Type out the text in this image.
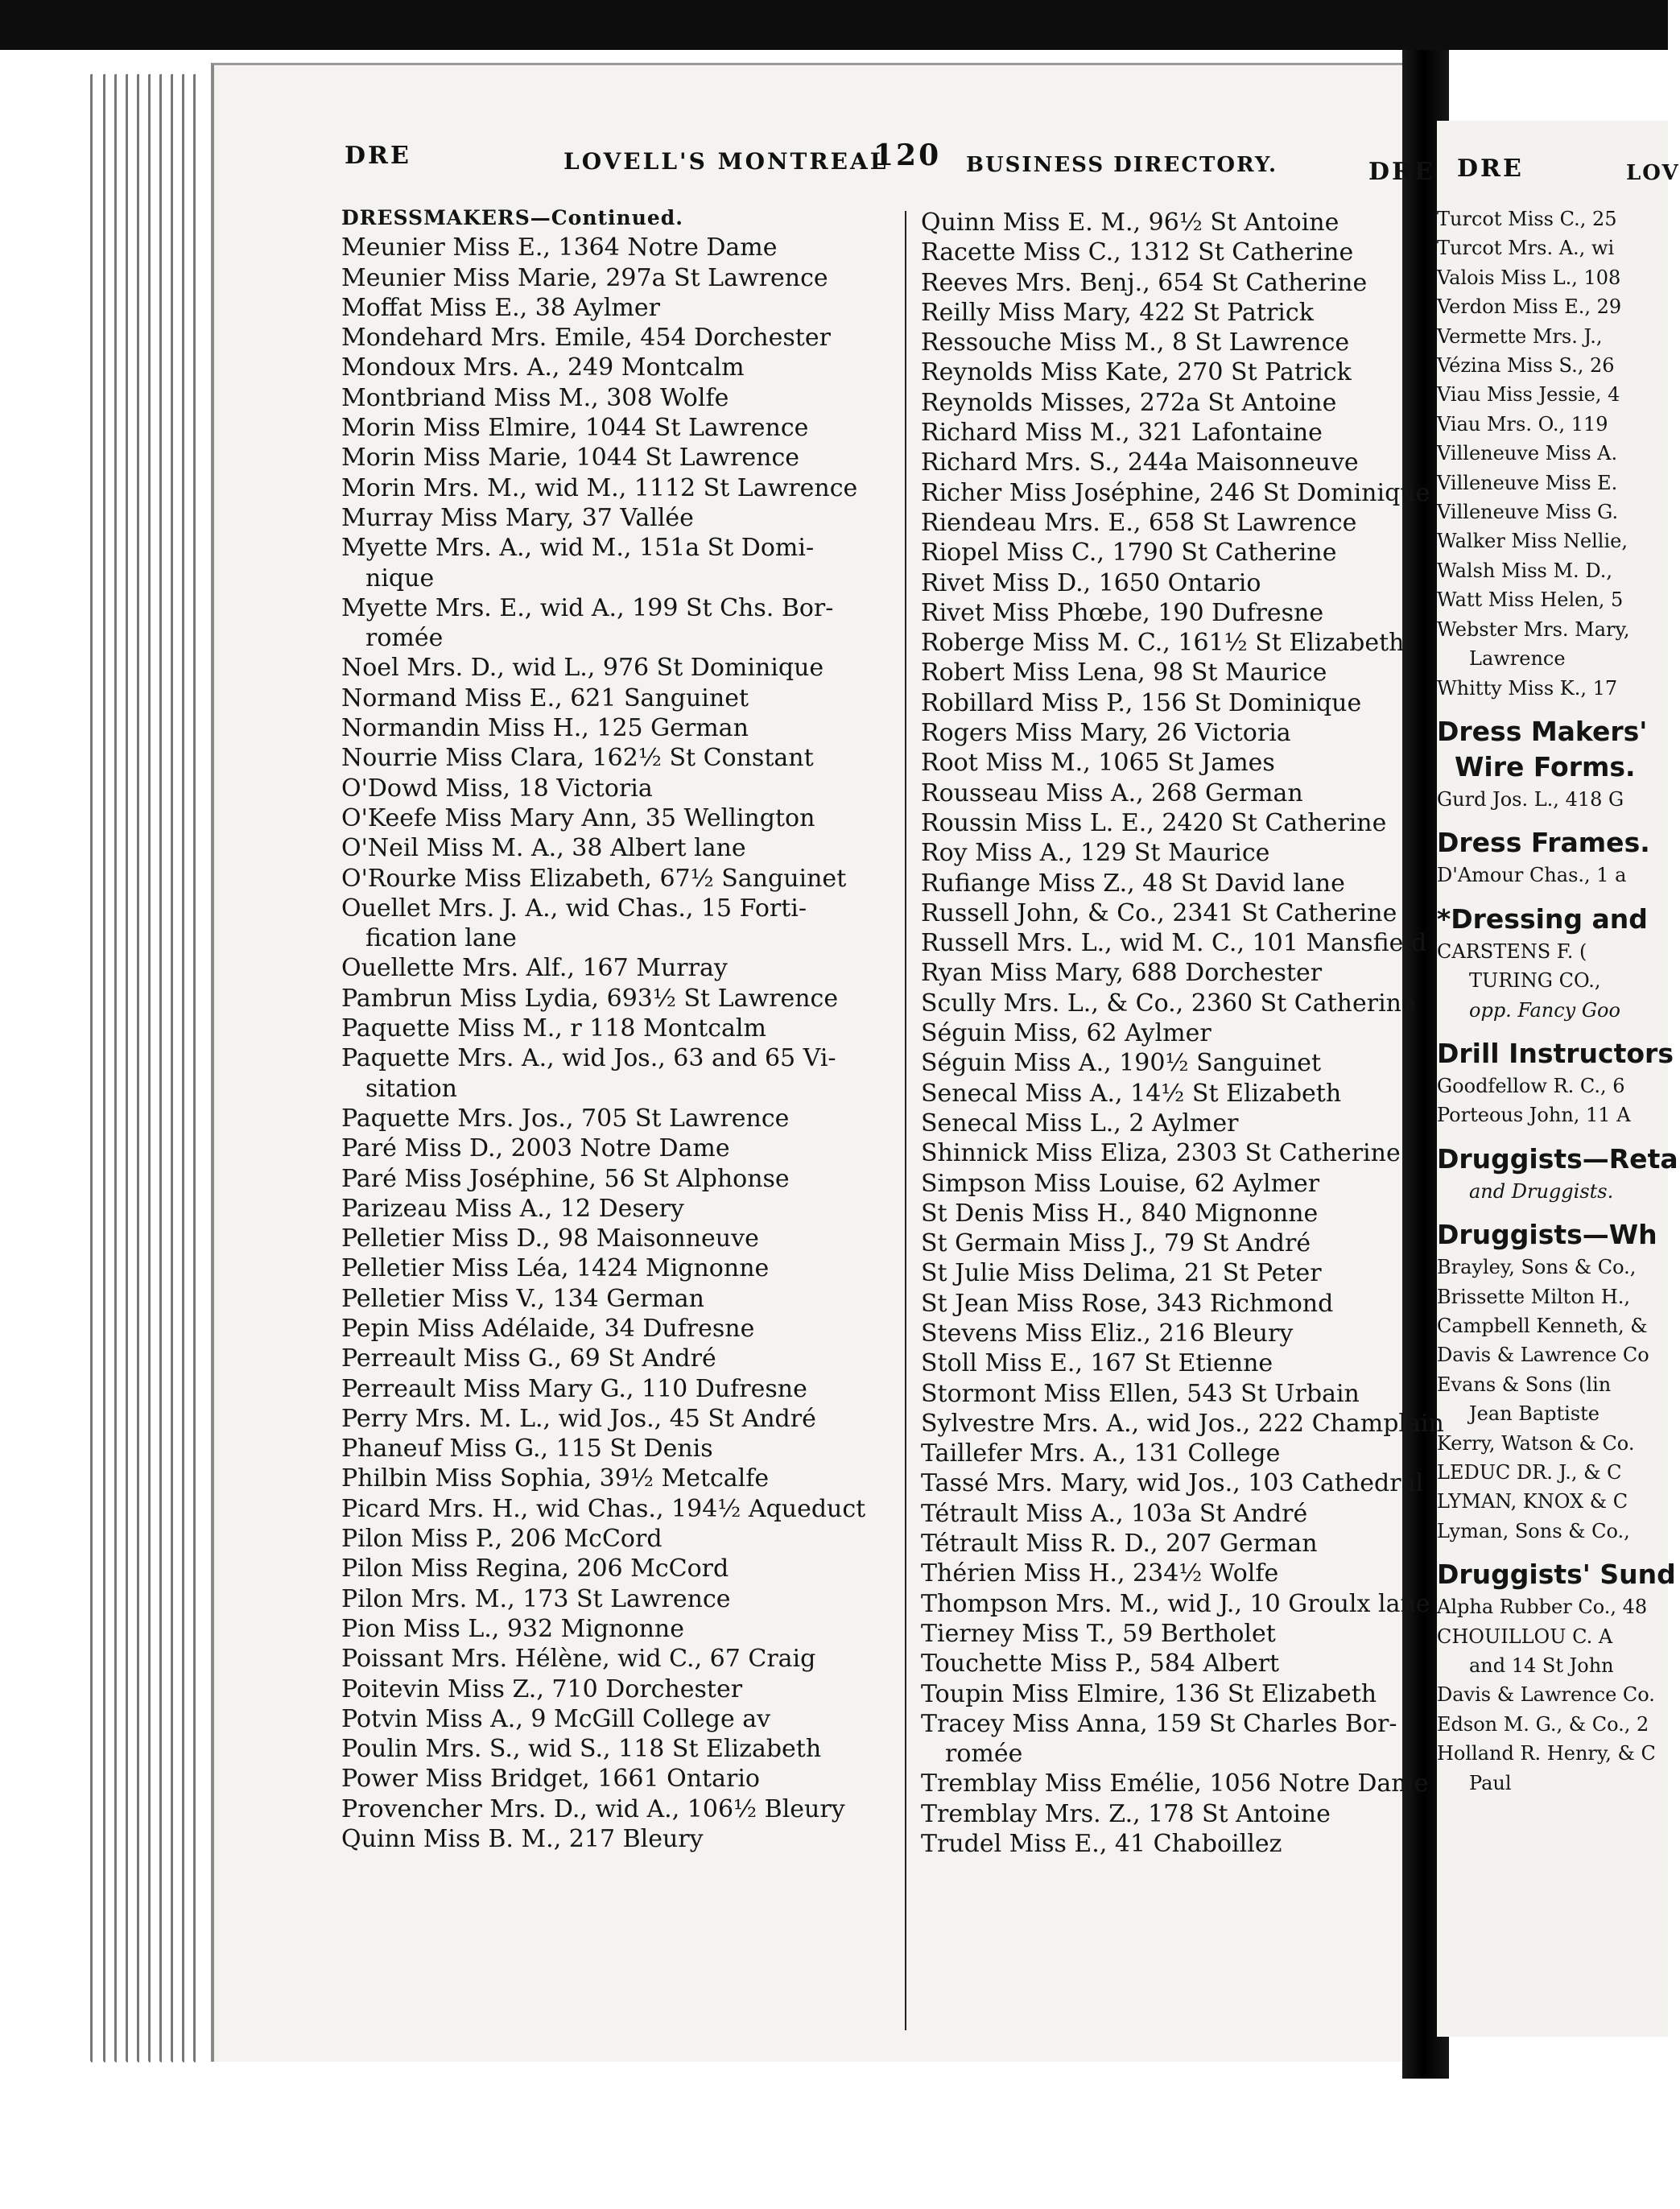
DRE	LOVELL'S MONTREAL
120 BUSINESS DIRECTORY.	DRE DRE	LOV
DRESSMAKERS—Continued.
Meunier Miss E., 1364 Notre Dame
Meunier Miss Marie, 297a St Lawrence
Moffat Miss E., 38 Aylmer
Mondehard Mrs. Emile, 454 Dorchester
Mondoux Mrs. A., 249 Montcalm
Montbriand Miss M., 308 Wolfe
Morin Miss Elmire, 1044 St Lawrence
Morin Miss Marie, 1044 St Lawrence
Morin Mrs. M., wid M., 1112 St Lawrence
Murray Miss Mary, 37 Vallée
Myette Mrs. A., wid M., 151a St Domi-
nique
Myette Mrs. E., wid A., 199 St Chs. Bor-
romée
Noel Mrs. D., wid L., 976 St Dominique
Normand Miss E., 621 Sanguinet
Normandin Miss H., 125 German
Nourrie Miss Clara, 162½ St Constant
O'Dowd Miss, 18 Victoria
O'Keefe Miss Mary Ann, 35 Wellington
O'Neil Miss M. A., 38 Albert lane
O'Rourke Miss Elizabeth, 67½ Sanguinet
Ouellet Mrs. J. A., wid Chas., 15 Forti-
fication lane
Ouellette Mrs. Alf., 167 Murray
Pambrun Miss Lydia, 693½ St Lawrence
Paquette Miss M., r 118 Montcalm
Paquette Mrs. A., wid Jos., 63 and 65 Vi-
sitation
Paquette Mrs. Jos., 705 St Lawrence
Paré Miss D., 2003 Notre Dame
Paré Miss Joséphine, 56 St Alphonse
Parizeau Miss A., 12 Desery
Pelletier Miss D., 98 Maisonneuve
Pelletier Miss Léa, 1424 Mignonne
Pelletier Miss V., 134 German
Pepin Miss Adélaide, 34 Dufresne
Perreault Miss G., 69 St André
Perreault Miss Mary G., 110 Dufresne
Perry Mrs. M. L., wid Jos., 45 St André
Phaneuf Miss G., 115 St Denis
Philbin Miss Sophia, 39½ Metcalfe
Picard Mrs. H., wid Chas., 194½ Aqueduct
Pilon Miss P., 206 McCord
Pilon Miss Regina, 206 McCord
Pilon Mrs. M., 173 St Lawrence
Pion Miss L., 932 Mignonne
Poissant Mrs. Hélène, wid C., 67 Craig
Poitevin Miss Z., 710 Dorchester
Potvin Miss A., 9 McGill College av
Poulin Mrs. S., wid S., 118 St Elizabeth
Power Miss Bridget, 1661 Ontario
Provencher Mrs. D., wid A., 106½ Bleury
Quinn Miss B. M., 217 Bleury
Quinn Miss E. M., 96½ St Antoine
Racette Miss C., 1312 St Catherine
Reeves Mrs. Benj., 654 St Catherine
Reilly Miss Mary, 422 St Patrick
Ressouche Miss M., 8 St Lawrence
Reynolds Miss Kate, 270 St Patrick
Reynolds Misses, 272a St Antoine
Richard Miss M., 321 Lafontaine
Richard Mrs. S., 244a Maisonneuve
Richer Miss Joséphine, 246 St Dominique
Riendeau Mrs. E., 658 St Lawrence
Riopel Miss C., 1790 St Catherine
Rivet Miss D., 1650 Ontario
Rivet Miss Phœbe, 190 Dufresne
Roberge Miss M. C., 161½ St Elizabeth
Robert Miss Lena, 98 St Maurice
Robillard Miss P., 156 St Dominique
Rogers Miss Mary, 26 Victoria
Root Miss M., 1065 St James
Rousseau Miss A., 268 German
Roussin Miss L. E., 2420 St Catherine
Roy Miss A., 129 St Maurice
Rufiange Miss Z., 48 St David lane
Russell John, & Co., 2341 St Catherine
Russell Mrs. L., wid M. C., 101 Mansfield
Ryan Miss Mary, 688 Dorchester
Scully Mrs. L., & Co., 2360 St Catherine
Séguin Miss, 62 Aylmer
Séguin Miss A., 190½ Sanguinet
Senecal Miss A., 14½ St Elizabeth
Senecal Miss L., 2 Aylmer
Shinnick Miss Eliza, 2303 St Catherine
Simpson Miss Louise, 62 Aylmer
St Denis Miss H., 840 Mignonne
St Germain Miss J., 79 St André
St Julie Miss Delima, 21 St Peter
St Jean Miss Rose, 343 Richmond
Stevens Miss Eliz., 216 Bleury
Stoll Miss E., 167 St Etienne
Stormont Miss Ellen, 543 St Urbain
Sylvestre Mrs. A., wid Jos., 222 Champlain
Taillefer Mrs. A., 131 College
Tassé Mrs. Mary, wid Jos., 103 Cathedral
Tétrault Miss A., 103a St André
Tétrault Miss R. D., 207 German
Thérien Miss H., 234½ Wolfe
Thompson Mrs. M., wid J., 10 Groulx lane
Tierney Miss T., 59 Bertholet
Touchette Miss P., 584 Albert
Toupin Miss Elmire, 136 St Elizabeth
Tracey Miss Anna, 159 St Charles Bor-
romée
Tremblay Miss Emélie, 1056 Notre Dame
Tremblay Mrs. Z., 178 St Antoine
Trudel Miss E., 41 Chaboillez
Turcot Miss C., 25
Turcot Mrs. A., wi
Valois Miss L., 108
Verdon Miss E., 29
Vermette Mrs. J.,
Vézina Miss S., 26
Viau Miss Jessie, 4
Viau Mrs. O., 119
Villeneuve Miss A.
Villeneuve Miss E.
Villeneuve Miss G.
Walker Miss Nellie,
Walsh Miss M. D.,
Watt Miss Helen, 5
Webster Mrs. Mary,
Lawrence
Whitty Miss K., 17
Dress Makers'
Wire Forms.
Gurd Jos. L., 418 G
Dress Frames.
D'Amour Chas., 1 a
*Dressing and
CARSTENS F. (
TURING CO.,
opp. Fancy Goo
Drill Instructors
Goodfellow R. C., 6
Porteous John, 11 A
Druggists—Reta
and Druggists.
Druggists—Wh
Brayley, Sons & Co.,
Brissette Milton H.,
Campbell Kenneth, &
Davis & Lawrence Co
Evans & Sons (lin
Jean Baptiste
Kerry, Watson & Co.
LEDUC DR. J., & C
LYMAN, KNOX & C
Lyman, Sons & Co.,
Druggists' Sund
Alpha Rubber Co., 48
CHOUILLOU C. A
and 14 St John
Davis & Lawrence Co.
Edson M. G., & Co., 2
Holland R. Henry, & C
Paul
